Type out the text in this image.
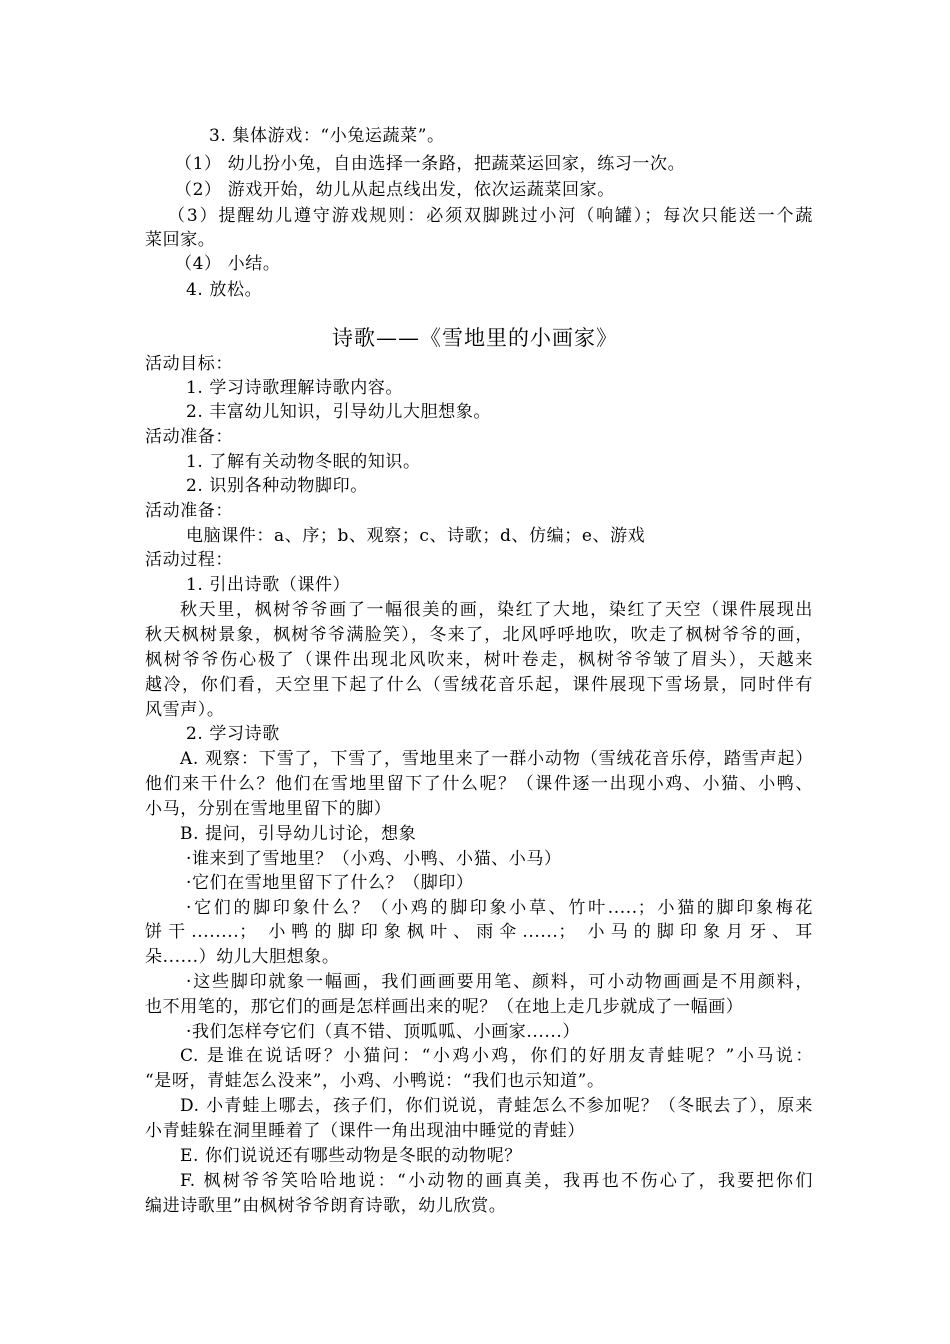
3. 集体游戏：“小兔运蔬菜”。
（1） 幼儿扮小兔，自由选择一条路，把蔬菜运回家，练习一次。
（2） 游戏开始，幼儿从起点线出发，依次运蔬菜回家。
（3）提醒幼儿遵守游戏规则：必须双脚跳过小河（响罐）；每次只能送一个蔬
菜回家。
（4） 小结。
4. 放松。
诗歌——《雪地里的小画家》
活动目标：
1. 学习诗歌理解诗歌内容。
2. 丰富幼儿知识，引导幼儿大胆想象。
活动准备：
1. 了解有关动物冬眠的知识。
2. 识别各种动物脚印。
活动准备：
电脑课件：a、序；b、观察；c、诗歌；d、仿编；e、游戏
活动过程：
1. 引出诗歌（课件）
秋天里，枫树爷爷画了一幅很美的画，染红了大地，染红了天空（课件展现出
秋天枫树景象，枫树爷爷满脸笑），冬来了，北风呼呼地吹，吹走了枫树爷爷的画，
枫树爷爷伤心极了（课件出现北风吹来，树叶卷走，枫树爷爷皱了眉头），天越来
越冷，你们看，天空里下起了什么（雪绒花音乐起，课件展现下雪场景，同时伴有
风雪声）。
2. 学习诗歌
A. 观察：下雪了，下雪了，雪地里来了一群小动物（雪绒花音乐停，踏雪声起）
他们来干什么？他们在雪地里留下了什么呢？（课件逐一出现小鸡、小猫、小鸭、
小马，分别在雪地里留下的脚）
B. 提问，引导幼儿讨论，想象
·谁来到了雪地里？（小鸡、小鸭、小猫、小马）
·它们在雪地里留下了什么？（脚印）
·它们的脚印象什么？（小鸡的脚印象小草、竹叶.....；小猫的脚印象梅花
饼干........； 小鸭的脚印象枫叶、雨伞......； 小马的脚印象月牙、耳
朵......）幼儿大胆想象。
·这些脚印就象一幅画，我们画画要用笔、颜料，可小动物画画是不用颜料，
也不用笔的，那它们的画是怎样画出来的呢？（在地上走几步就成了一幅画）
·我们怎样夸它们（真不错、顶呱呱、小画家......）
C. 是谁在说话呀？小猫问：“小鸡小鸡，你们的好朋友青蛙呢？”小马说：
“是呀，青蛙怎么没来”，小鸡、小鸭说：“我们也示知道”。
D. 小青蛙上哪去，孩子们，你们说说，青蛙怎么不参加呢？（冬眠去了），原来
小青蛙躲在洞里睡着了（课件一角出现油中睡觉的青蛙）
E. 你们说说还有哪些动物是冬眠的动物呢？
F. 枫树爷爷笑哈哈地说：“小动物的画真美，我再也不伤心了，我要把你们
编进诗歌里”由枫树爷爷朗育诗歌，幼儿欣赏。
